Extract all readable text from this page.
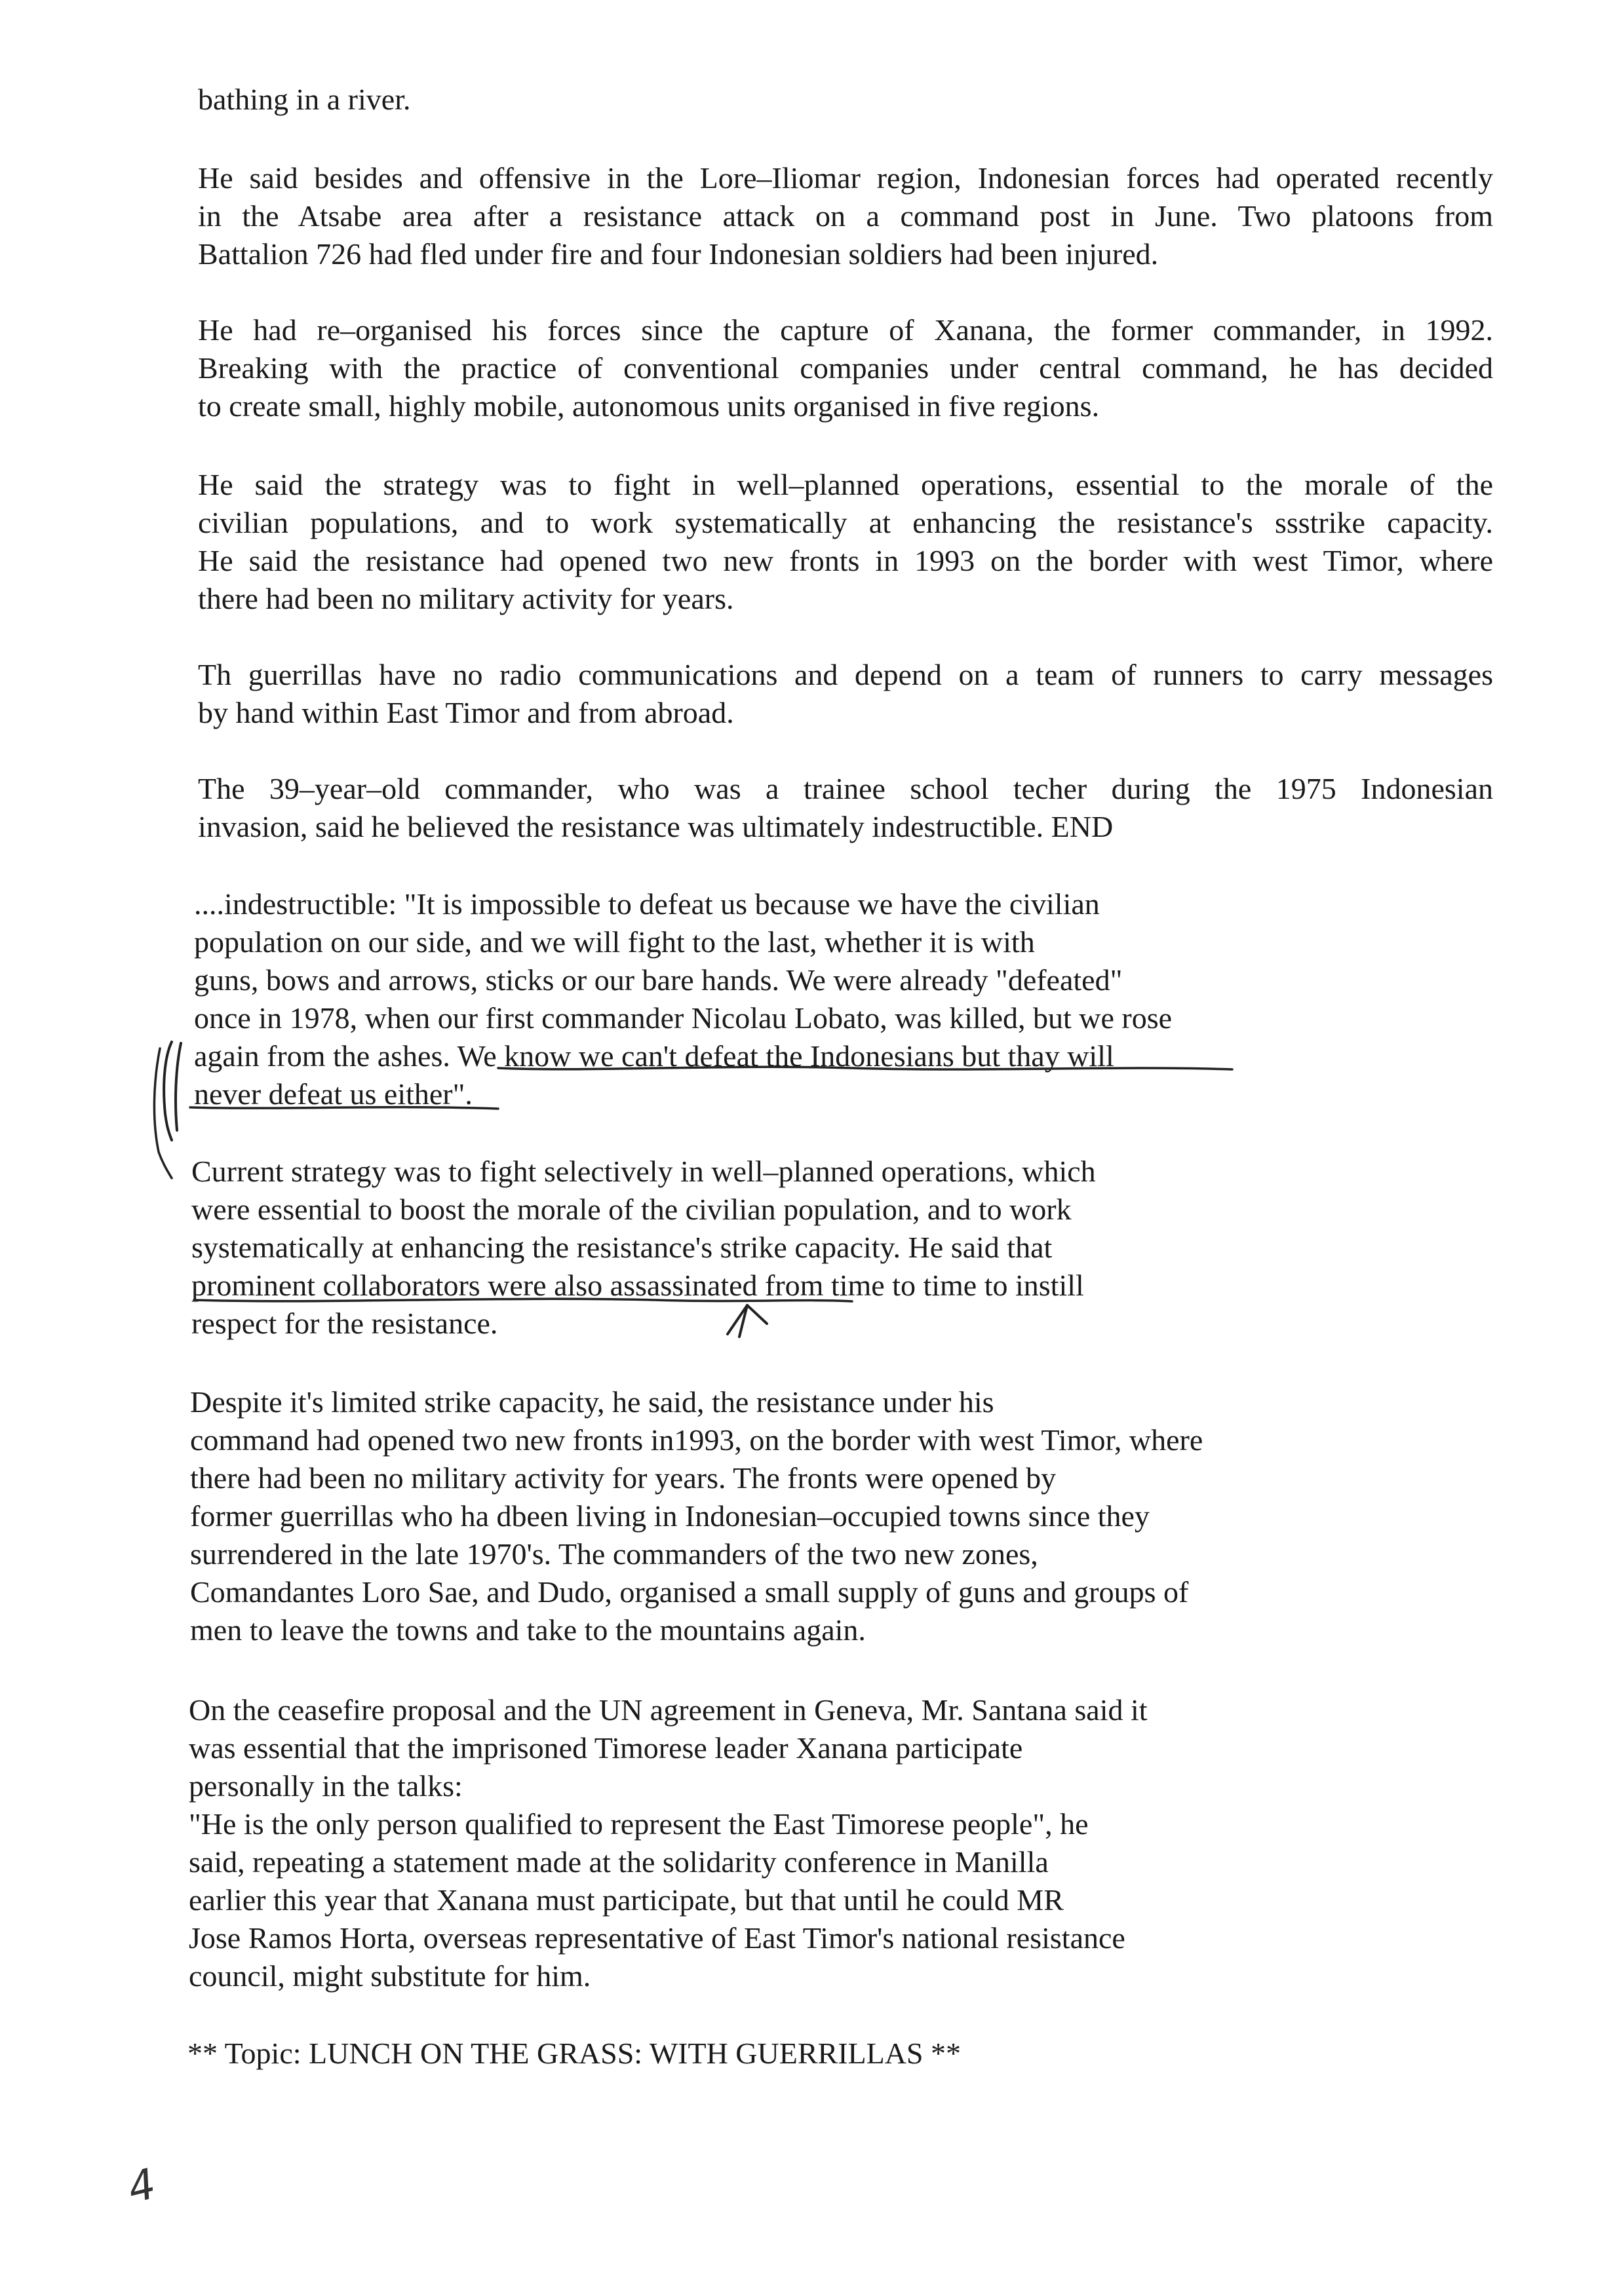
bathing in a river.
He said besides and offensive in the Lore–Iliomar region, Indonesian forces had operated recently
in the Atsabe area after a resistance attack on a command post in June. Two platoons from
Battalion 726 had fled under fire and four Indonesian soldiers had been injured.
He had re–organised his forces since the capture of Xanana, the former commander, in 1992.
Breaking with the practice of conventional companies under central command, he has decided
to create small, highly mobile, autonomous units organised in five regions.
He said the strategy was to fight in well–planned operations, essential to the morale of the
civilian populations, and to work systematically at enhancing the resistance's ssstrike capacity.
He said the resistance had opened two new fronts in 1993 on the border with west Timor, where
there had been no military activity for years.
Th guerrillas have no radio communications and depend on a team of runners to carry messages
by hand within East Timor and from abroad.
The 39–year–old commander, who was a trainee school techer during the 1975 Indonesian
invasion, said he believed the resistance was ultimately indestructible. END
....indestructible: "It is impossible to defeat us because we have the civilian
population on our side, and we will fight to the last, whether it is with
guns, bows and arrows, sticks or our bare hands. We were already "defeated"
once in 1978, when our first commander Nicolau Lobato, was killed, but we rose
again from the ashes. We know we can't defeat the Indonesians but thay will
never defeat us either".
Current strategy was to fight selectively in well–planned operations, which
were essential to boost the morale of the civilian population, and to work
systematically at enhancing the resistance's strike capacity. He said that
prominent collaborators were also assassinated from time to time to instill
respect for the resistance.
Despite it's limited strike capacity, he said, the resistance under his
command had opened two new fronts in1993, on the border with west Timor, where
there had been no military activity for years. The fronts were opened by
former guerrillas who ha dbeen living in Indonesian–occupied towns since they
surrendered in the late 1970's. The commanders of the two new zones,
Comandantes Loro Sae, and Dudo, organised a small supply of guns and groups of
men to leave the towns and take to the mountains again.
On the ceasefire proposal and the UN agreement in Geneva, Mr. Santana said it
was essential that the imprisoned Timorese leader Xanana participate
personally in the talks:
"He is the only person qualified to represent the East Timorese people", he
said, repeating a statement made at the solidarity conference in Manilla
earlier this year that Xanana must participate, but that until he could MR
Jose Ramos Horta, overseas representative of East Timor's national resistance
council, might substitute for him.
** Topic: LUNCH ON THE GRASS: WITH GUERRILLAS **
4
